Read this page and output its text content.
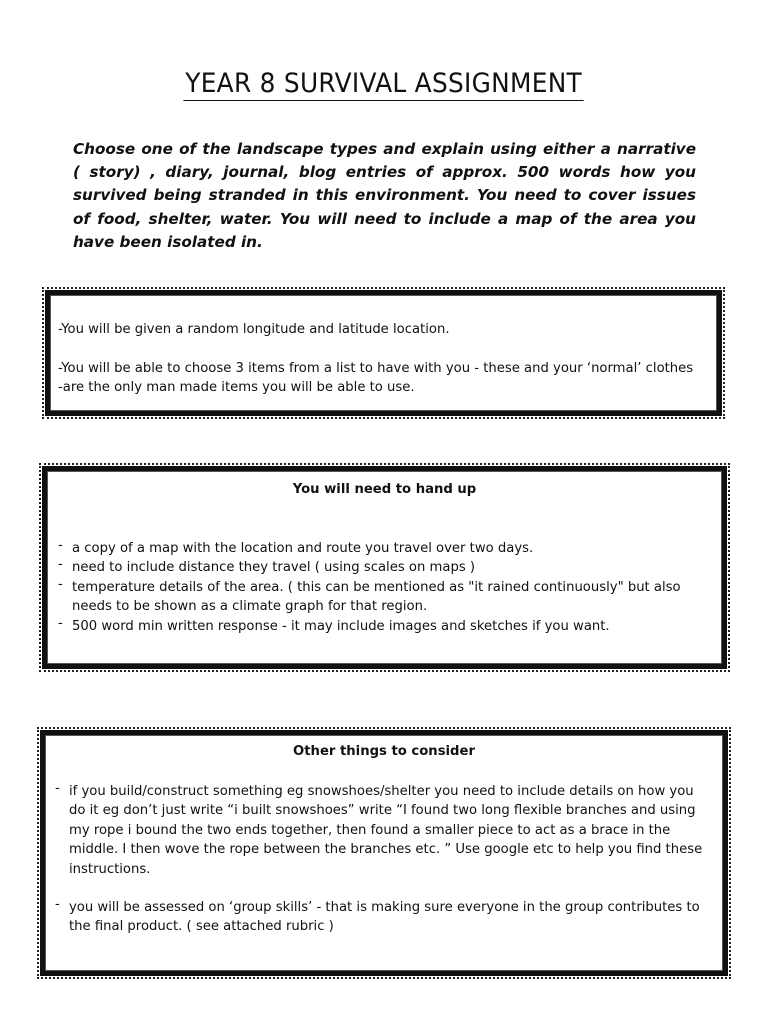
YEAR 8 SURVIVAL ASSIGNMENT
Choose one of the landscape types and explain using either a narrative ( story) , diary, journal, blog entries of approx. 500 words how you survived being stranded in this environment. You need to cover issues of food, shelter, water. You will need to include a map of the area you have been isolated in.

-You will be given a random longitude and latitude location.

-You will be able to choose 3 items from a list to have with you - these and your ‘normal’ clothes -are the only man made items you will be able to use.

You will need to hand up
- a copy of a map with the location and route you travel over two days.
- need to include distance they travel ( using scales on maps )
- temperature details of the area. ( this can be mentioned as "it rained continuously" but also needs to be shown as a climate graph for that region.
- 500 word min written response - it may include images and sketches if you want.
Other things to consider
- if you build/construct something eg snowshoes/shelter you need to include details on how you do it eg don’t just write “i built snowshoes” write “I found two long flexible branches and using my rope i bound the two ends together, then found a smaller piece to act as a brace in the middle. I then wove the rope between the branches etc. ” Use google etc to help you find these instructions.
- you will be assessed on ‘group skills’ - that is making sure everyone in the group contributes to the final product. ( see attached rubric )
